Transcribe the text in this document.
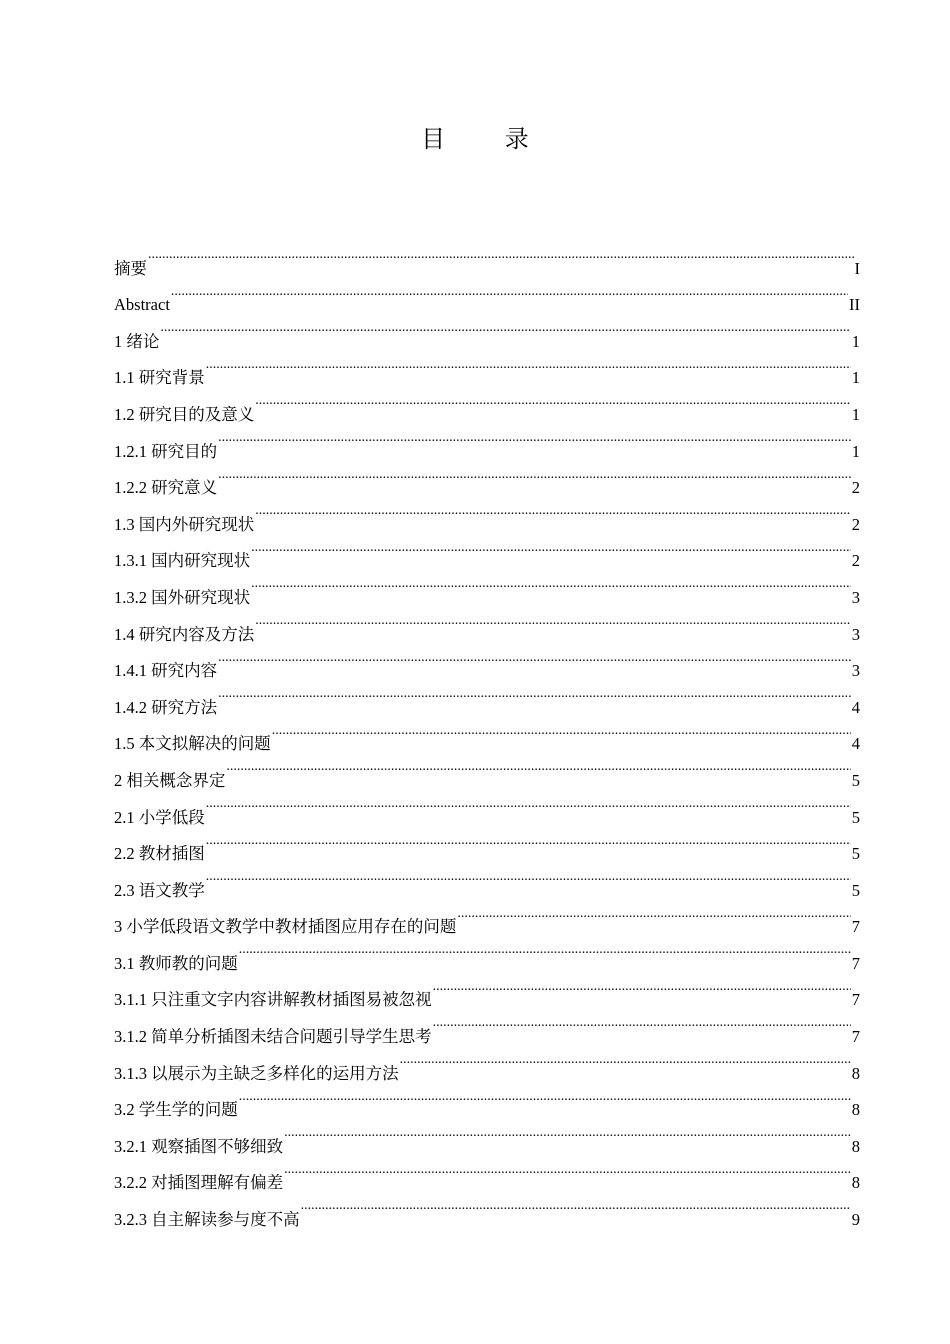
目 录
摘要 .....	I
Abstract .....	II
1 绪论 .....	1
1.1 研究背景 .....	1
1.2 研究目的及意义 .....	1
1.2.1 研究目的 .....	1
1.2.2 研究意义 .....	2
1.3 国内外研究现状 .....	2
1.3.1 国内研究现状 .....	2
1.3.2 国外研究现状 .....	3
1.4 研究内容及方法 .....	3
1.4.1 研究内容 .....	3
1.4.2 研究方法 .....	4
1.5 本文拟解决的问题 .....	4
2 相关概念界定 .....	5
2.1 小学低段 .....	5
2.2 教材插图 .....	5
2.3 语文教学 .....	5
3 小学低段语文教学中教材插图应用存在的问题 .....	7
3.1 教师教的问题 .....	7
3.1.1 只注重文字内容讲解教材插图易被忽视 .....	7
3.1.2 简单分析插图未结合问题引导学生思考 .....	7
3.1.3 以展示为主缺乏多样化的运用方法 .....	8
3.2 学生学的问题 .....	8
3.2.1 观察插图不够细致 .....	8
3.2.2 对插图理解有偏差 .....	8
3.2.3 自主解读参与度不高 .....	9
